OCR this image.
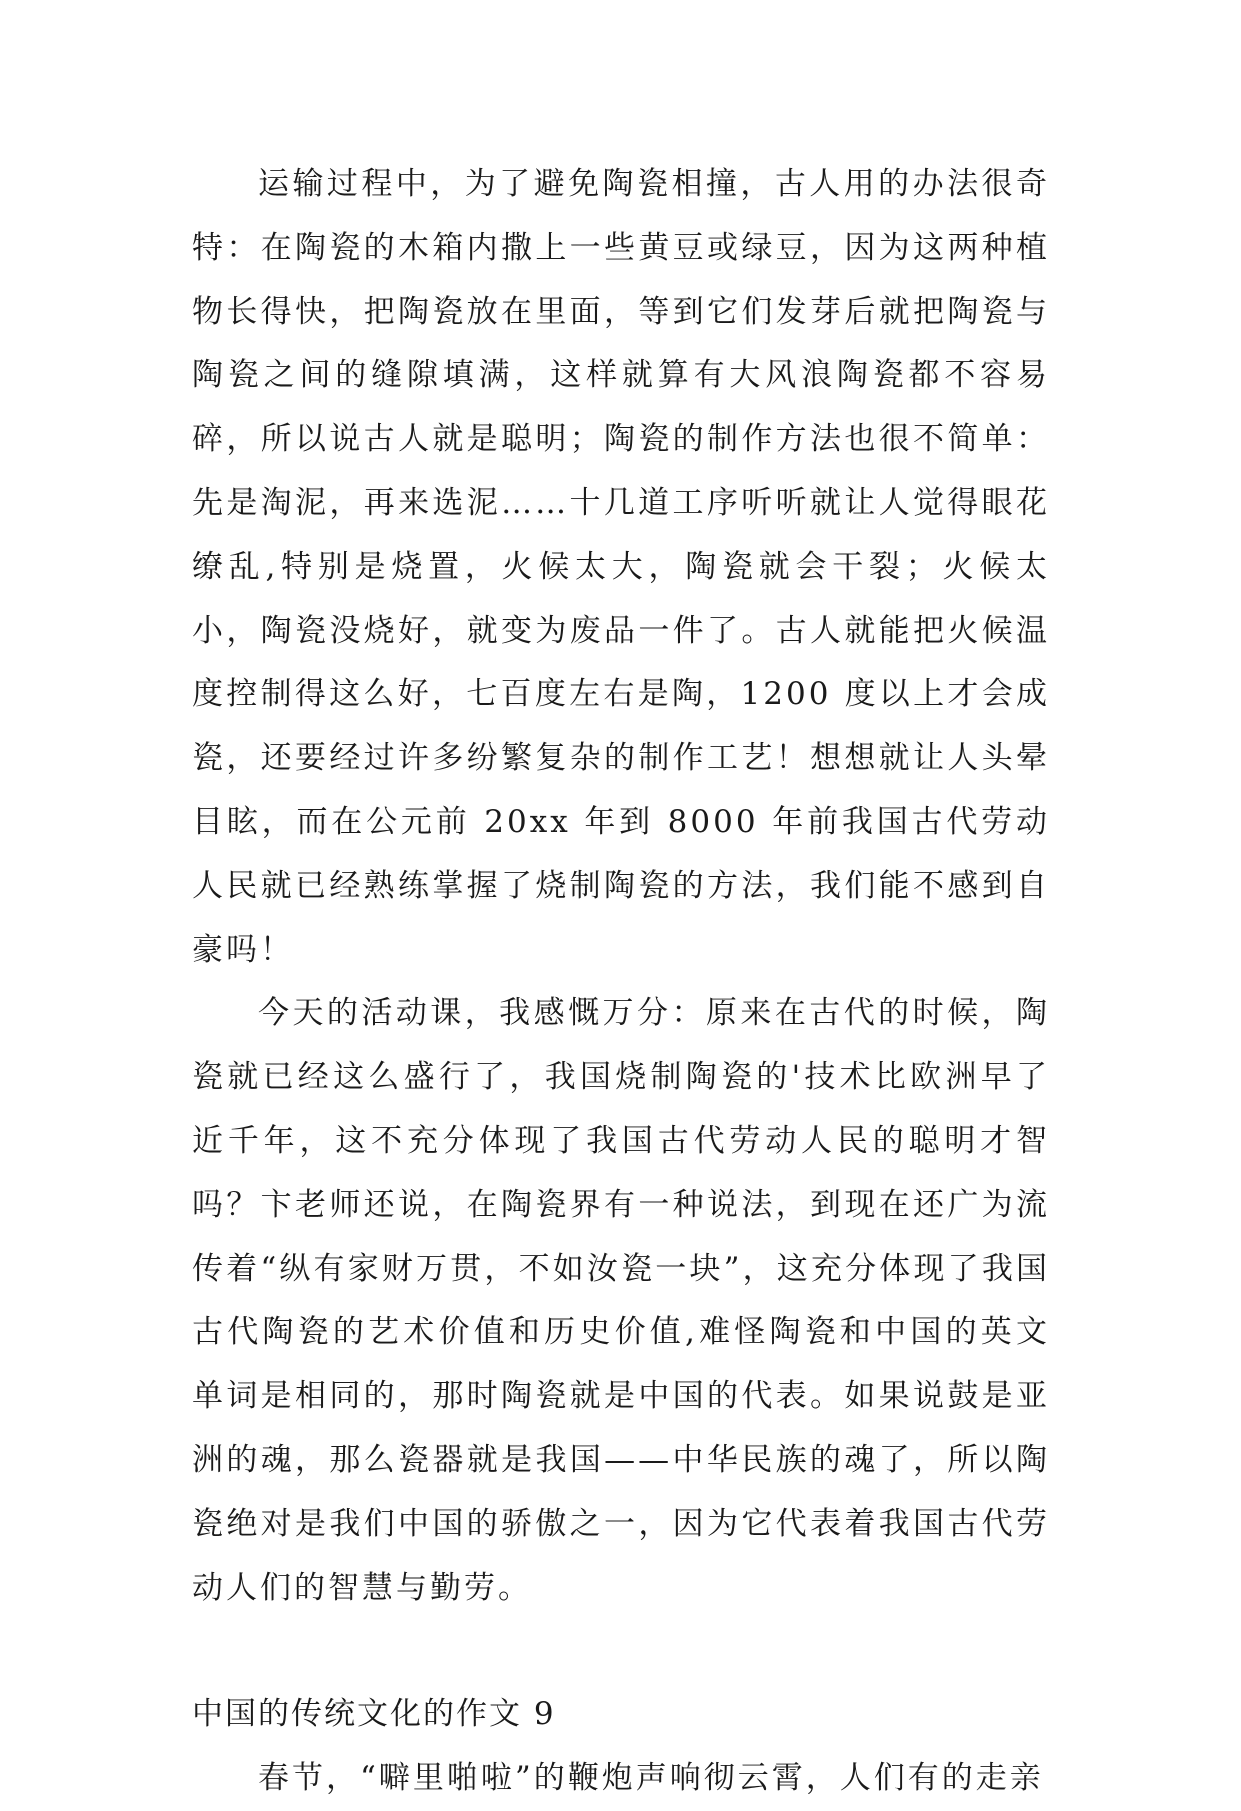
运输过程中，为了避免陶瓷相撞，古人用的办法很奇特：在陶瓷的木箱内撒上一些黄豆或绿豆，因为这两种植物长得快，把陶瓷放在里面，等到它们发芽后就把陶瓷与陶瓷之间的缝隙填满，这样就算有大风浪陶瓷都不容易碎，所以说古人就是聪明；陶瓷的制作方法也很不简单：先是淘泥，再来选泥……十几道工序听听就让人觉得眼花缭乱,特别是烧置，火候太大，陶瓷就会干裂；火候太小，陶瓷没烧好，就变为废品一件了。古人就能把火候温度控制得这么好，七百度左右是陶，1200 度以上才会成瓷，还要经过许多纷繁复杂的制作工艺！想想就让人头晕目眩，而在公元前 20xx 年到 8000 年前我国古代劳动人民就已经熟练掌握了烧制陶瓷的方法，我们能不感到自豪吗！

今天的活动课，我感慨万分：原来在古代的时候，陶瓷就已经这么盛行了，我国烧制陶瓷的'技术比欧洲早了近千年，这不充分体现了我国古代劳动人民的聪明才智吗？卞老师还说，在陶瓷界有一种说法，到现在还广为流传着“纵有家财万贯，不如汝瓷一块”，这充分体现了我国古代陶瓷的艺术价值和历史价值,难怪陶瓷和中国的英文单词是相同的，那时陶瓷就是中国的代表。如果说鼓是亚洲的魂，那么瓷器就是我国——中华民族的魂了，所以陶瓷绝对是我们中国的骄傲之一，因为它代表着我国古代劳动人们的智慧与勤劳。

中国的传统文化的作文 9

春节，“噼里啪啦”的鞭炮声响彻云霄，人们有的走亲
